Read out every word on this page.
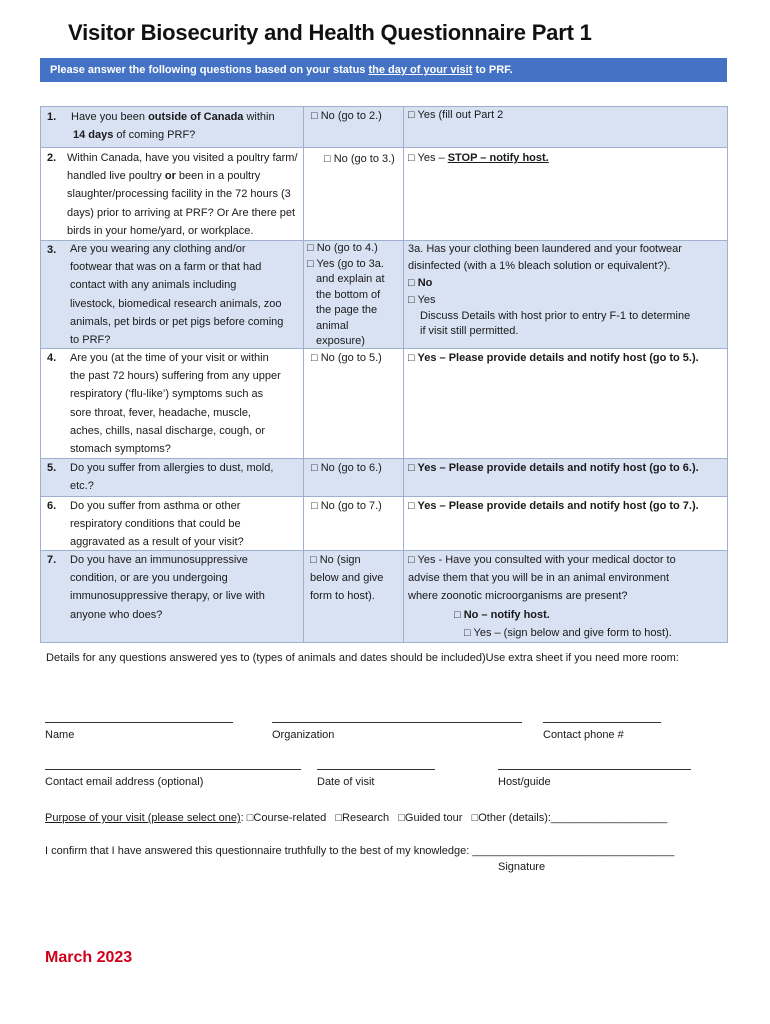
Visitor Biosecurity and Health Questionnaire Part 1
Please answer the following questions based on your status the day of your visit to PRF.
1. Have you been outside of Canada within
14 days of coming PRF?
□ No (go to 2.) □ Yes (fill out Part 2
2. Within Canada, have you visited a poultry farm/
handled live poultry or been in a poultry
slaughter/processing facility in the 72 hours (3
days) prior to arriving at PRF? Or Are there pet
birds in your home/yard, or workplace.
□ No (go to 3.) □ Yes – STOP – notify host.
3. Are you wearing any clothing and/or
footwear that was on a farm or that had
contact with any animals including
livestock, biomedical research animals, zoo
animals, pet birds or pet pigs before coming
to PRF?
□ No (go to 4.)
□ Yes (go to 3a.
and explain at
the bottom of
the page the
animal
exposure)
3a. Has your clothing been laundered and your footwear
disinfected (with a 1% bleach solution or equivalent?).
□ No
□ Yes
Discuss Details with host prior to entry F-1 to determine
if visit still permitted.
4. Are you (at the time of your visit or within
the past 72 hours) suffering from any upper
respiratory (‘flu-like’) symptoms such as
sore throat, fever, headache, muscle,
aches, chills, nasal discharge, cough, or
stomach symptoms?
□ No (go to 5.) □ Yes – Please provide details and notify host (go to 5.).
5. Do you suffer from allergies to dust, mold,
etc.?
□ No (go to 6.) □ Yes – Please provide details and notify host (go to 6.).
6. Do you suffer from asthma or other
respiratory conditions that could be
aggravated as a result of your visit?
□ No (go to 7.) □ Yes – Please provide details and notify host (go to 7.).
7. Do you have an immunosuppressive
condition, or are you undergoing
immunosuppressive therapy, or live with
anyone who does?
□ No (sign
below and give
form to host).
□ Yes - Have you consulted with your medical doctor to
advise them that you will be in an animal environment
where zoonotic microorganisms are present?
□ No – notify host.
□ Yes – (sign below and give form to host).
Details for any questions answered yes to (types of animals and dates should be included)Use extra sheet if you need more room:
Name	Organization	Contact phone #
Contact email address (optional)	Date of visit	Host/guide
Purpose of your visit (please select one): □Course-related □Research □Guided tour □Other (details):___________________
I confirm that I have answered this questionnaire truthfully to the best of my knowledge: _________________________________
Signature
March 2023
